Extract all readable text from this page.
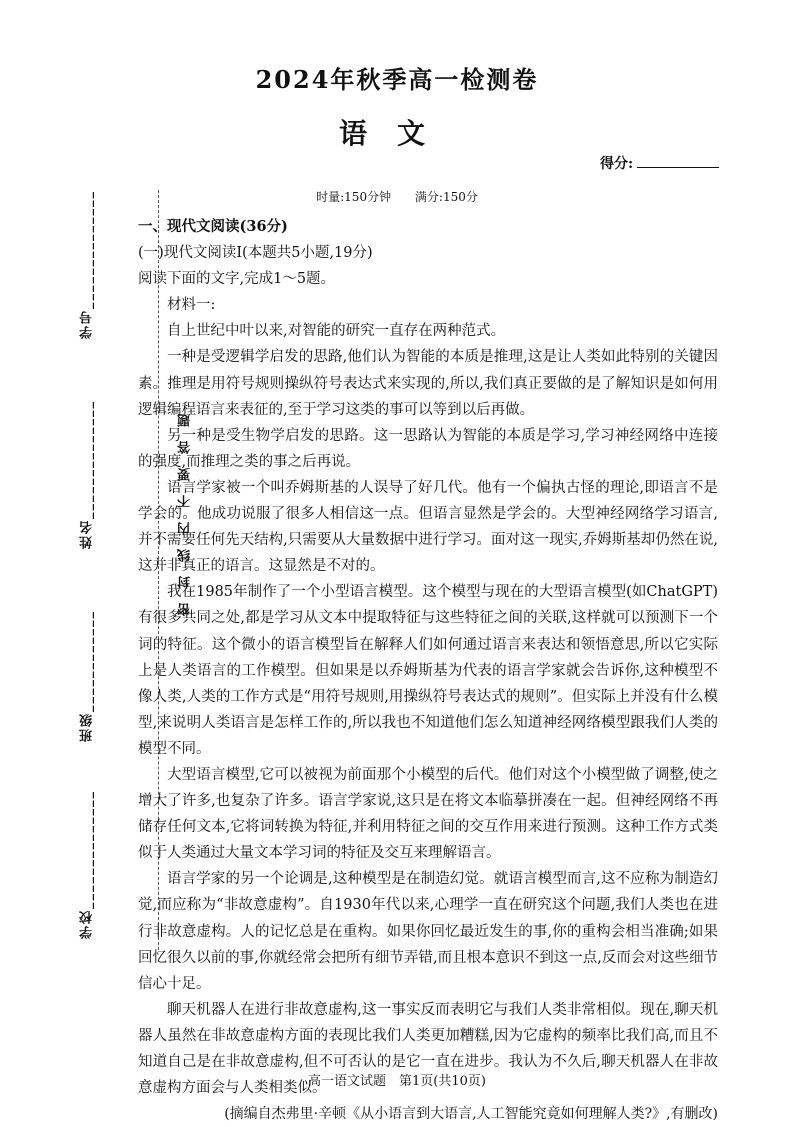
学校______________
班级____________
姓名______________
学号______________
密封线内不要答题
2024年秋季高一检测卷
语文
得分:
时量:150分钟 满分:150分

一、现代文阅读(36分)

(一)现代文阅读Ⅰ(本题共5小题,19分)

阅读下面的文字,完成1～5题。

材料一:

自上世纪中叶以来,对智能的研究一直存在两种范式。

一种是受逻辑学启发的思路,他们认为智能的本质是推理,这是让人类如此特别的关键因素。推理是用符号规则操纵符号表达式来实现的,所以,我们真正要做的是了解知识是如何用逻辑编程语言来表征的,至于学习这类的事可以等到以后再做。

另一种是受生物学启发的思路。这一思路认为智能的本质是学习,学习神经网络中连接的强度,而推理之类的事之后再说。

语言学家被一个叫乔姆斯基的人误导了好几代。他有一个偏执古怪的理论,即语言不是学会的。他成功说服了很多人相信这一点。但语言显然是学会的。大型神经网络学习语言,并不需要任何先天结构,只需要从大量数据中进行学习。面对这一现实,乔姆斯基却仍然在说,这并非真正的语言。这显然是不对的。

我在1985年制作了一个小型语言模型。这个模型与现在的大型语言模型(如ChatGPT)有很多共同之处,都是学习从文本中提取特征与这些特征之间的关联,这样就可以预测下一个词的特征。这个微小的语言模型旨在解释人们如何通过语言来表达和领悟意思,所以它实际上是人类语言的工作模型。但如果是以乔姆斯基为代表的语言学家就会告诉你,这种模型不像人类,人类的工作方式是“用符号规则,用操纵符号表达式的规则”。但实际上并没有什么模型,来说明人类语言是怎样工作的,所以我也不知道他们怎么知道神经网络模型跟我们人类的模型不同。

大型语言模型,它可以被视为前面那个小模型的后代。他们对这个小模型做了调整,使之增大了许多,也复杂了许多。语言学家说,这只是在将文本临摹拼凑在一起。但神经网络不再储存任何文本,它将词转换为特征,并利用特征之间的交互作用来进行预测。这种工作方式类似于人类通过大量文本学习词的特征及交互来理解语言。

语言学家的另一个论调是,这种模型是在制造幻觉。就语言模型而言,这不应称为制造幻觉,而应称为“非故意虚构”。自1930年代以来,心理学一直在研究这个问题,我们人类也在进行非故意虚构。人的记忆总是在重构。如果你回忆最近发生的事,你的重构会相当准确;如果回忆很久以前的事,你就经常会把所有细节弄错,而且根本意识不到这一点,反而会对这些细节信心十足。

聊天机器人在进行非故意虚构,这一事实反而表明它与我们人类非常相似。现在,聊天机器人虽然在非故意虚构方面的表现比我们人类更加糟糕,因为它虚构的频率比我们高,而且不知道自己是在非故意虚构,但不可否认的是它一直在进步。我认为不久后,聊天机器人在非故意虚构方面会与人类相类似。

(摘编自杰弗里·辛顿《从小语言到大语言,人工智能究竟如何理解人类?》,有删改)

高一语文试题　第1页(共10页)
